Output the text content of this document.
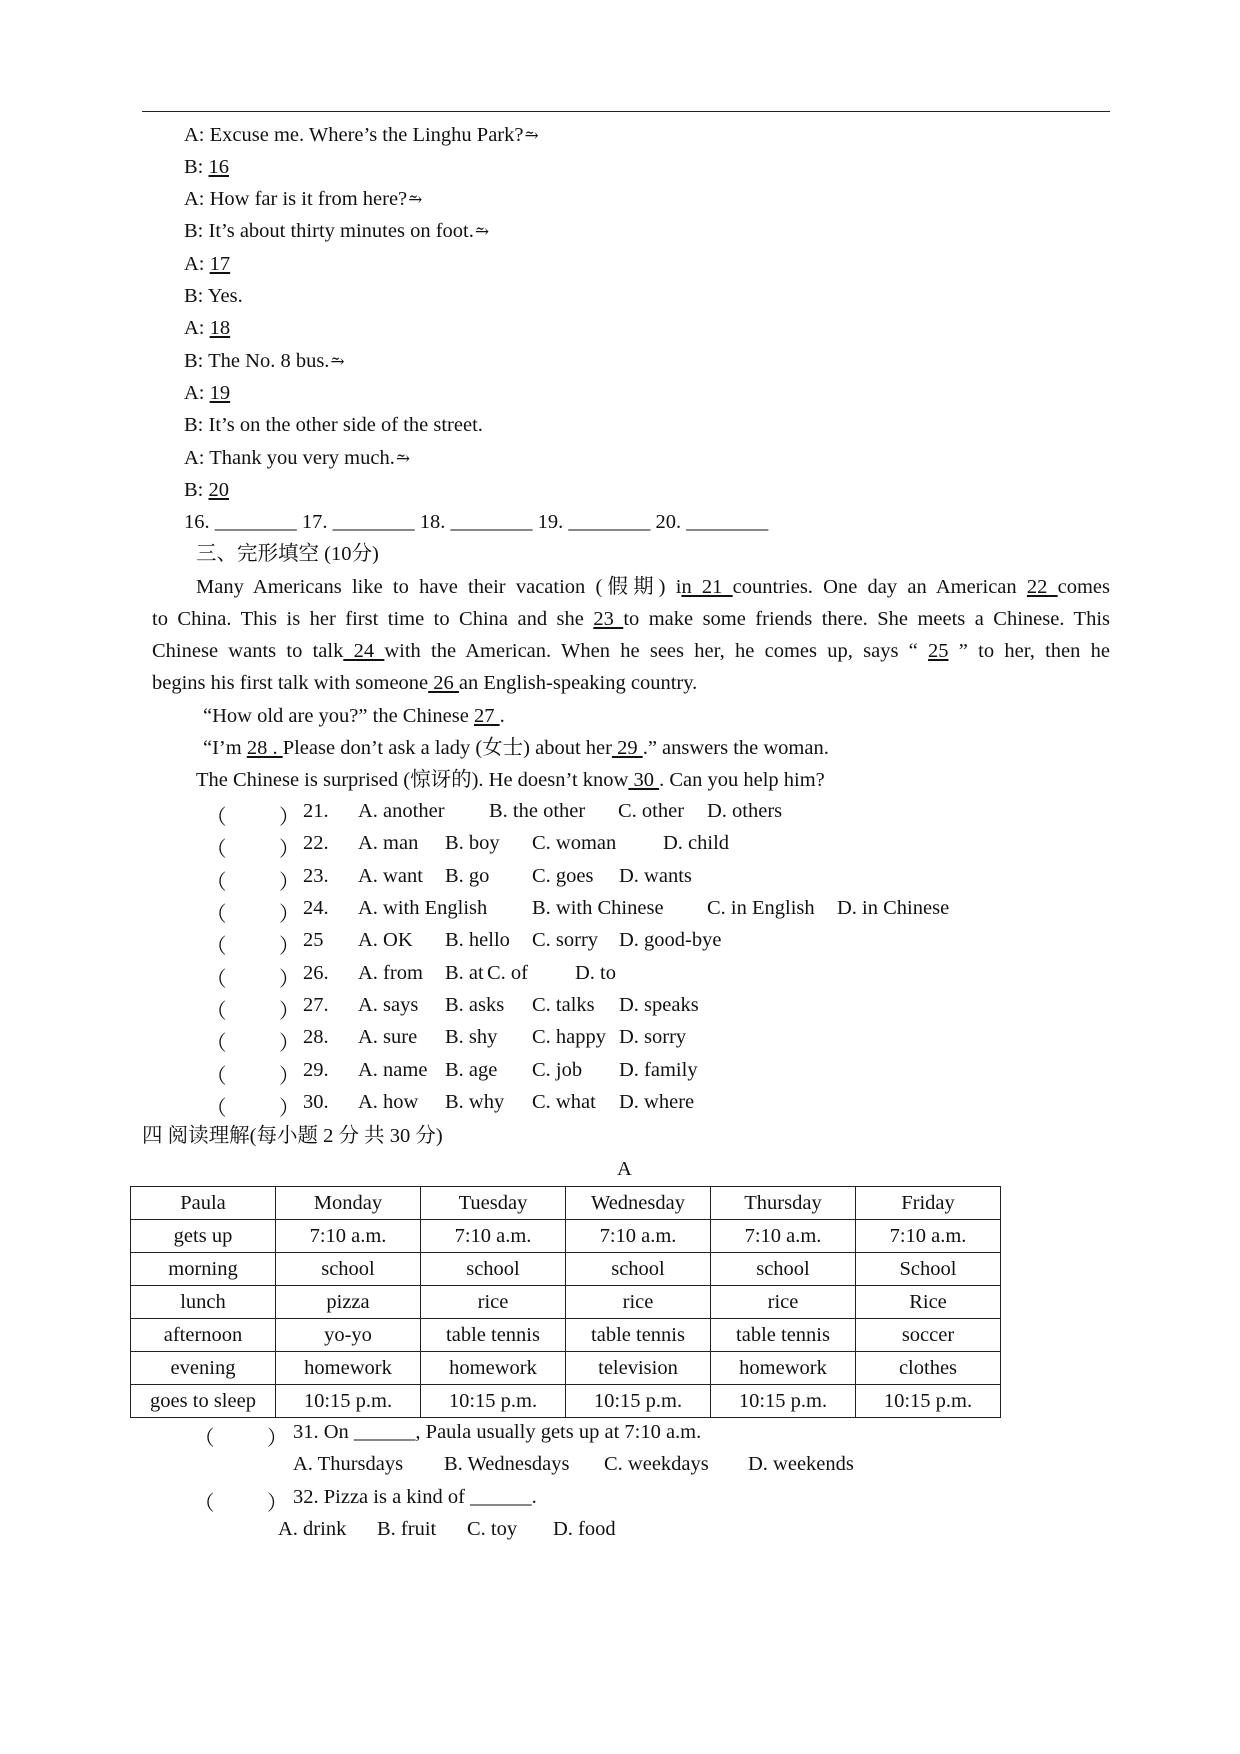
A: Excuse me. Where’s the Linghu Park?⥲
B: 16
A: How far is it from here?⥲
B: It’s about thirty minutes on foot.⥲
A: 17
B: Yes.
A: 18
B: The No. 8 bus.⥲
A: 19
B: It’s on the other side of the street.
A: Thank you very much.⥲
B: 20
16. ________ 17. ________ 18. ________ 19. ________ 20. ________
三、完形填空 (10分)
Many Americans like to have their vacation (假期) in 21 countries. One day an American 22 comes
to China. This is her first time to China and she 23 to make some friends there. She meets a Chinese. This
Chinese wants to talk 24 with the American. When he sees her, he comes up, says “ 25 ” to her, then he
begins his first talk with someone 26 an English-speaking country.
“How old are you?” the Chinese 27 .
“I’m 28 . Please don’t ask a lady (女士) about her 29 .” answers the woman.
The Chinese is surprised (惊讶的). He doesn’t know 30 . Can you help him?
（	） 21. A. another B. the other C. other D. others
（	） 22. A. man B. boy C. woman D. child
（	） 23. A. want B. go C. goes D. wants
（	） 24. A. with English B. with Chinese C. in English D. in Chinese
（	） 25 A. OK B. hello C. sorry D. good-bye
（	） 26. A. from B. at C. of D. to
（	） 27. A. says B. asks C. talks D. speaks
（	） 28. A. sure B. shy C. happy D. sorry
（	） 29. A. name B. age C. job D. family
（	） 30. A. how B. why C. what D. where
四 阅读理解(每小题 2 分 共 30 分)
A
Paula	Monday	Tuesday	Wednesday	Thursday	Friday
gets up	7:10 a.m.	7:10 a.m.	7:10 a.m.	7:10 a.m.	7:10 a.m.
morning	school	school	school	school	School
lunch	pizza	rice	rice	rice	Rice
afternoon	yo-yo	table tennis	table tennis	table tennis	soccer
evening	homework	homework	television	homework	clothes
goes to sleep	10:15 p.m.	10:15 p.m.	10:15 p.m.	10:15 p.m.	10:15 p.m.
（	） 31. On ______, Paula usually gets up at 7:10 a.m.
A. Thursdays B. Wednesdays C. weekdays D. weekends
（	） 32. Pizza is a kind of ______.
A. drink B. fruit C. toy D. food
